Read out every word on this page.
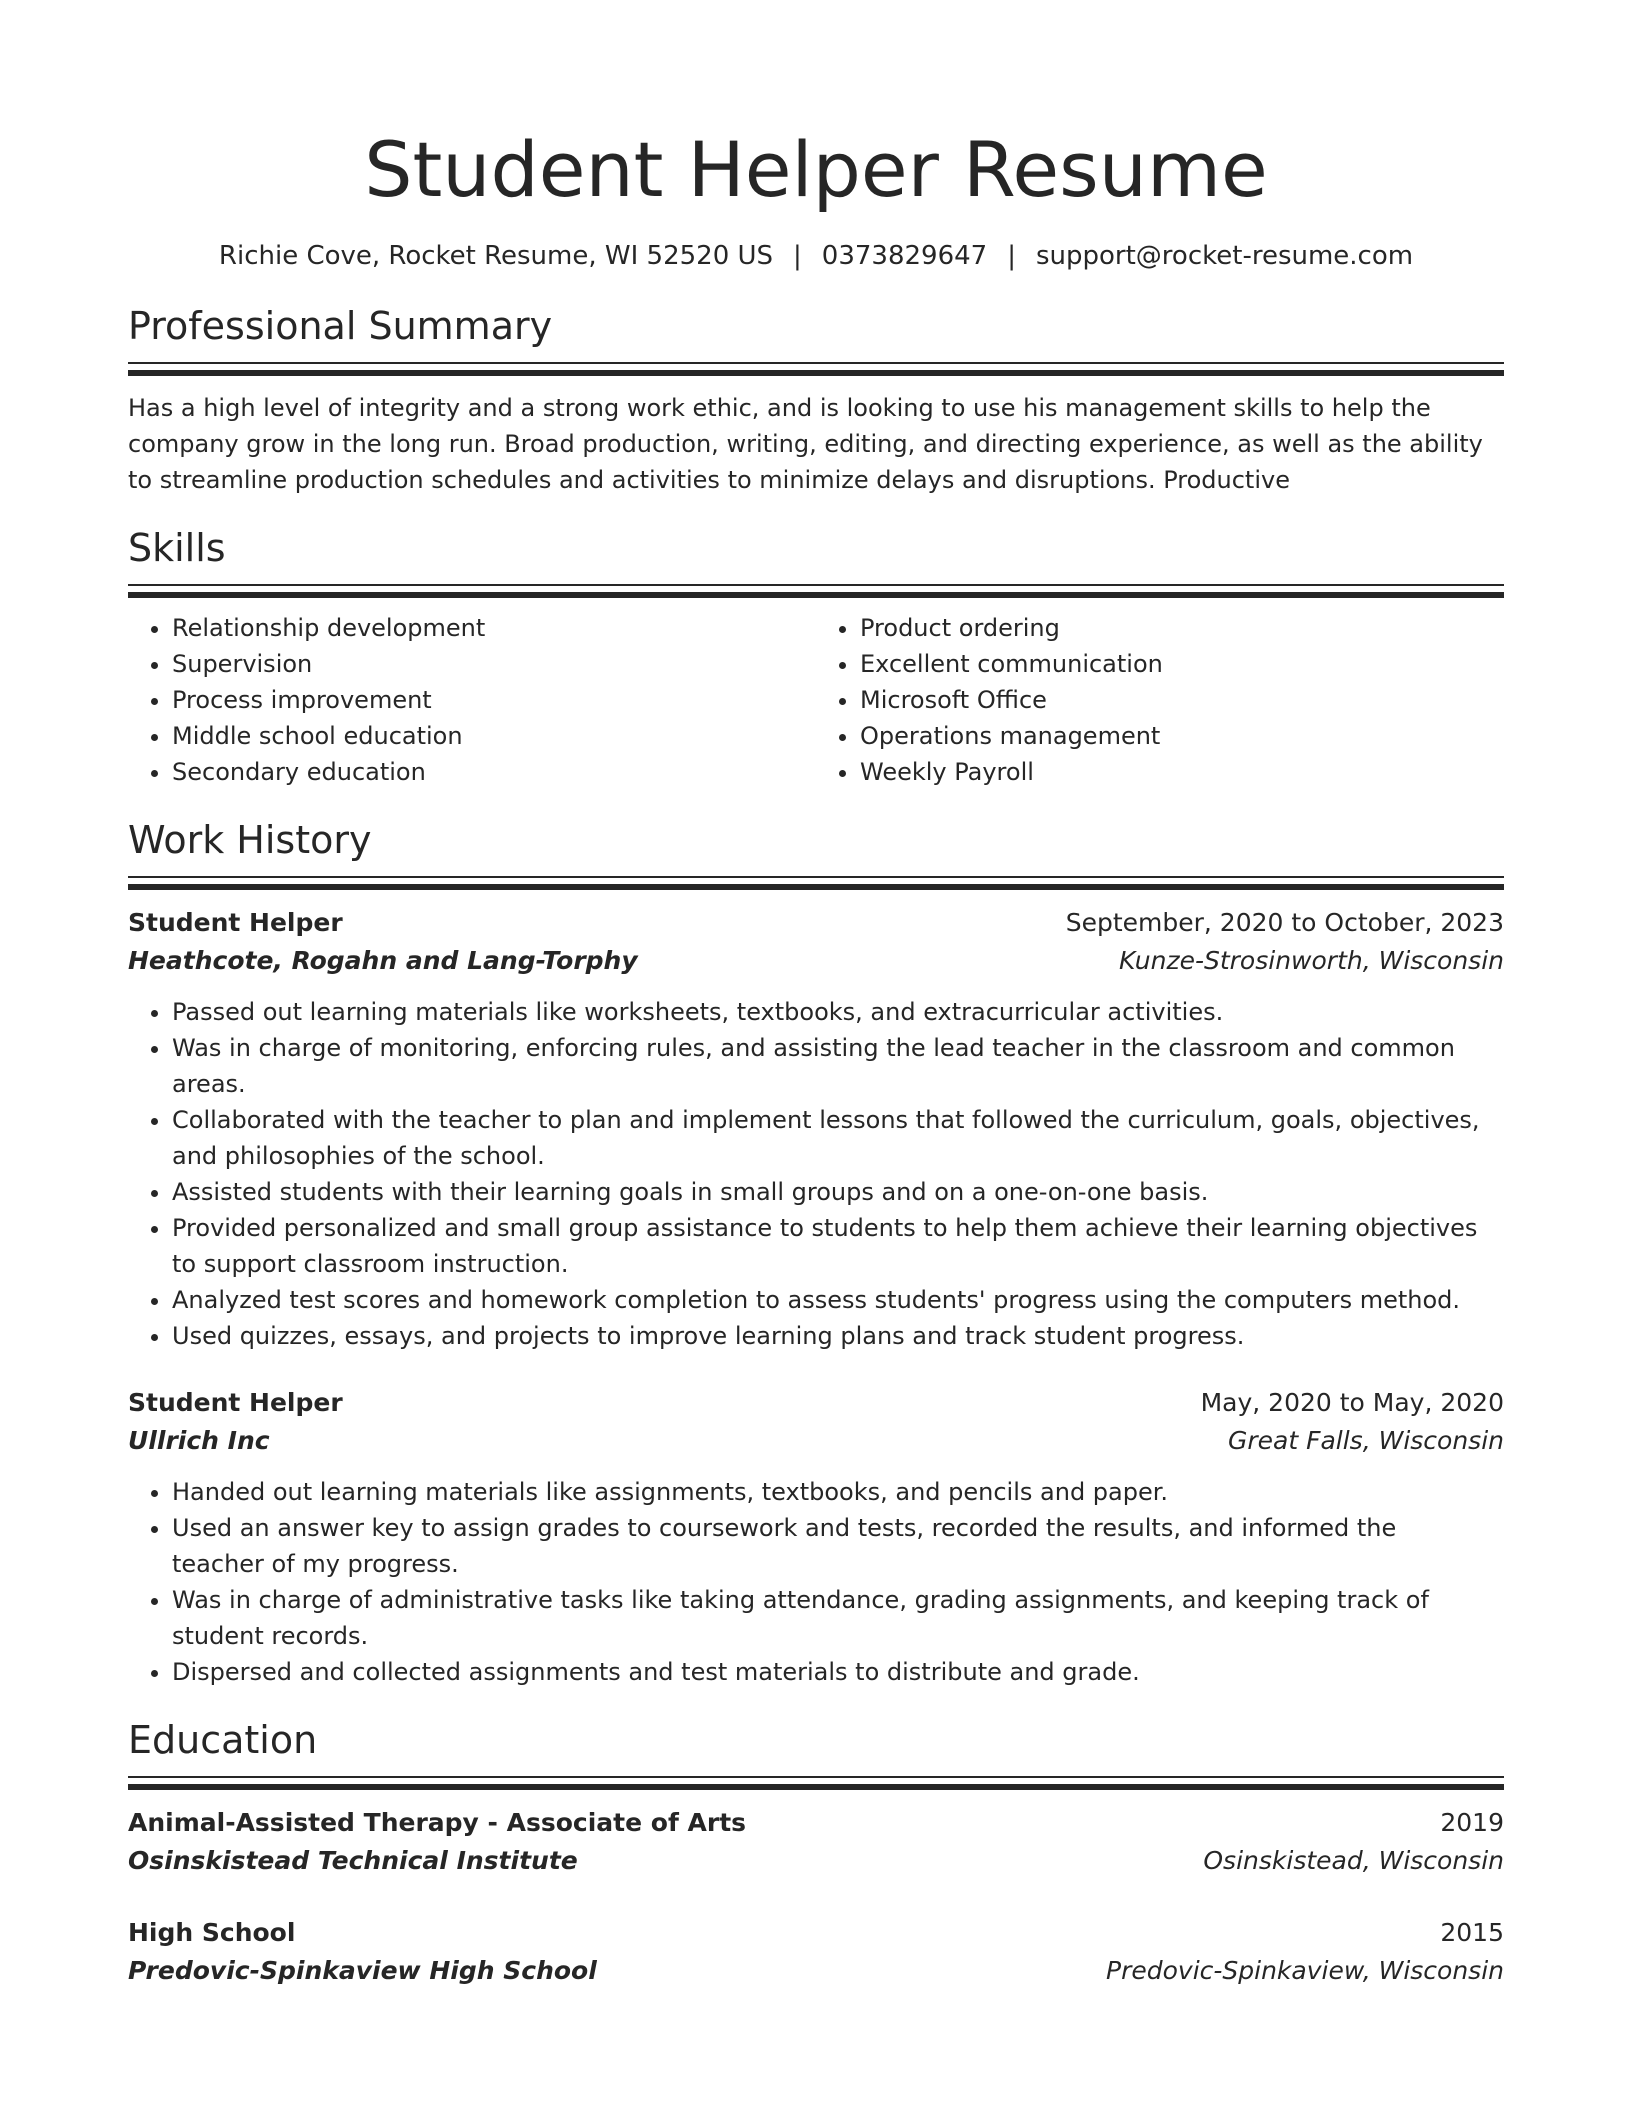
Student Helper Resume
Richie Cove, Rocket Resume, WI 52520 US | 0373829647 | support@rocket-resume.com
Professional Summary
Has a high level of integrity and a strong work ethic, and is looking to use his management skills to help the company grow in the long run. Broad production, writing, editing, and directing experience, as well as the ability to streamline production schedules and activities to minimize delays and disruptions. Productive
Skills
• Relationship development
• Supervision
• Process improvement
• Middle school education
• Secondary education
• Product ordering
• Excellent communication
• Microsoft Office
• Operations management
• Weekly Payroll
Work History
Student Helper	September, 2020 to October, 2023
Heathcote, Rogahn and Lang-Torphy	Kunze-Strosinworth, Wisconsin
• Passed out learning materials like worksheets, textbooks, and extracurricular activities.
• Was in charge of monitoring, enforcing rules, and assisting the lead teacher in the classroom and common areas.
• Collaborated with the teacher to plan and implement lessons that followed the curriculum, goals, objectives, and philosophies of the school.
• Assisted students with their learning goals in small groups and on a one-on-one basis.
• Provided personalized and small group assistance to students to help them achieve their learning objectives to support classroom instruction.
• Analyzed test scores and homework completion to assess students' progress using the computers method.
• Used quizzes, essays, and projects to improve learning plans and track student progress.
Student Helper	May, 2020 to May, 2020
Ullrich Inc	Great Falls, Wisconsin
• Handed out learning materials like assignments, textbooks, and pencils and paper.
• Used an answer key to assign grades to coursework and tests, recorded the results, and informed the teacher of my progress.
• Was in charge of administrative tasks like taking attendance, grading assignments, and keeping track of student records.
• Dispersed and collected assignments and test materials to distribute and grade.
Education
Animal-Assisted Therapy - Associate of Arts	2019
Osinskistead Technical Institute	Osinskistead, Wisconsin
High School	2015
Predovic-Spinkaview High School	Predovic-Spinkaview, Wisconsin
